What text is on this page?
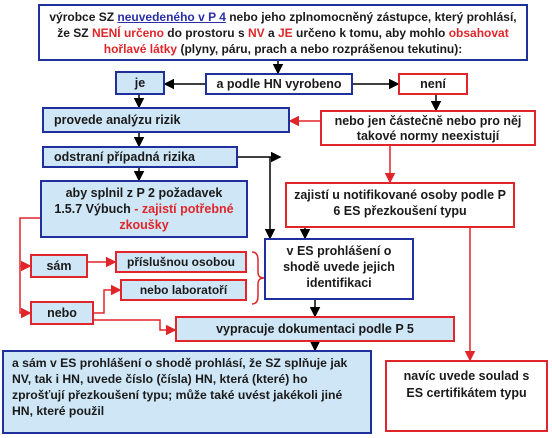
výrobce SZ neuvedeného v P 4 nebo jeho zplnomocněný zástupce, který prohlásí, že SZ NENÍ určeno do prostoru s NV a JE určeno k tomu, aby mohlo obsahovat hořlavé látky (plyny, páru, prach a nebo rozprášenou tekutinu):
je	a podle HN vyrobeno	není
nebo jen částečně nebo pro něj takové normy neexistují
provede analýzu rizik
odstraní případná rizika
aby splnil z P 2 požadavek 1.5.7 Výbuch - zajistí potřebné zkoušky
zajistí u notifikované osoby podle P 6 ES přezkoušení typu
sám	příslušnou osobou
nebo laboratoří
nebo
v ES prohlášení o shodě uvede jejich identifikaci
vypracuje dokumentaci podle P 5
a sám v ES prohlášení o shodě prohlásí, že SZ splňuje jak NV, tak i HN, uvede číslo (čísla) HN, která (které) ho zprošťují přezkoušení typu; může také uvést jakékoli jiné HN, které použil
navíc uvede soulad s ES certifikátem typu
